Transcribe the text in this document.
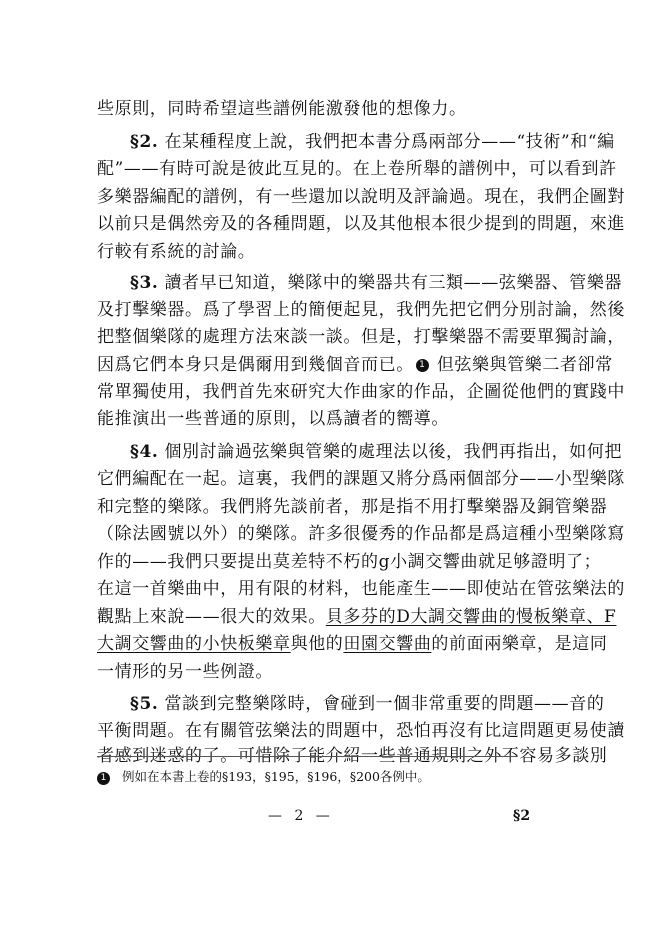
些原則，同時希望這些譜例能激發他的想像力。
§2. 在某種程度上說，我們把本書分爲兩部分——“技術”和“編
配”——有時可說是彼此互見的。在上卷所舉的譜例中，可以看到許
多樂器編配的譜例，有一些還加以說明及評論過。現在，我們企圖對
以前只是偶然旁及的各種問題，以及其他根本很少提到的問題，來進
行較有系統的討論。
§3. 讀者早已知道，樂隊中的樂器共有三類——弦樂器、管樂器
及打擊樂器。爲了學習上的簡便起見，我們先把它們分別討論，然後
把整個樂隊的處理方法來談一談。但是，打擊樂器不需要單獨討論，
因爲它們本身只是偶爾用到幾個音而已。 1 但弦樂與管樂二者卻常
常單獨使用，我們首先來研究大作曲家的作品，企圖從他們的實踐中
能推演出一些普通的原則，以爲讀者的嚮導。
§4. 個別討論過弦樂與管樂的處理法以後，我們再指出，如何把
它們編配在一起。這裏，我們的課題又將分爲兩個部分——小型樂隊
和完整的樂隊。我們將先談前者，那是指不用打擊樂器及銅管樂器
（除法國號以外）的樂隊。許多很優秀的作品都是爲這種小型樂隊寫
作的——我們只要提出莫差特不朽的g小調交響曲就足够證明了；
在這一首樂曲中，用有限的材料，也能產生——即使站在管弦樂法的
觀點上來說——很大的效果。貝多芬的D大調交響曲的慢板樂章、F
大調交響曲的小快板樂章與他的田園交響曲的前面兩樂章，是這同
一情形的另一些例證。
§5. 當談到完整樂隊時，會碰到一個非常重要的問題——音的
平衡問題。在有關管弦樂法的問題中，恐怕再沒有比這問題更易使讀
者感到迷惑的了。可惜除了能介紹一些普通規則之外不容易多談別
1 例如在本書上卷的§193，§195，§196，§200各例中。
— 2 —	§2
